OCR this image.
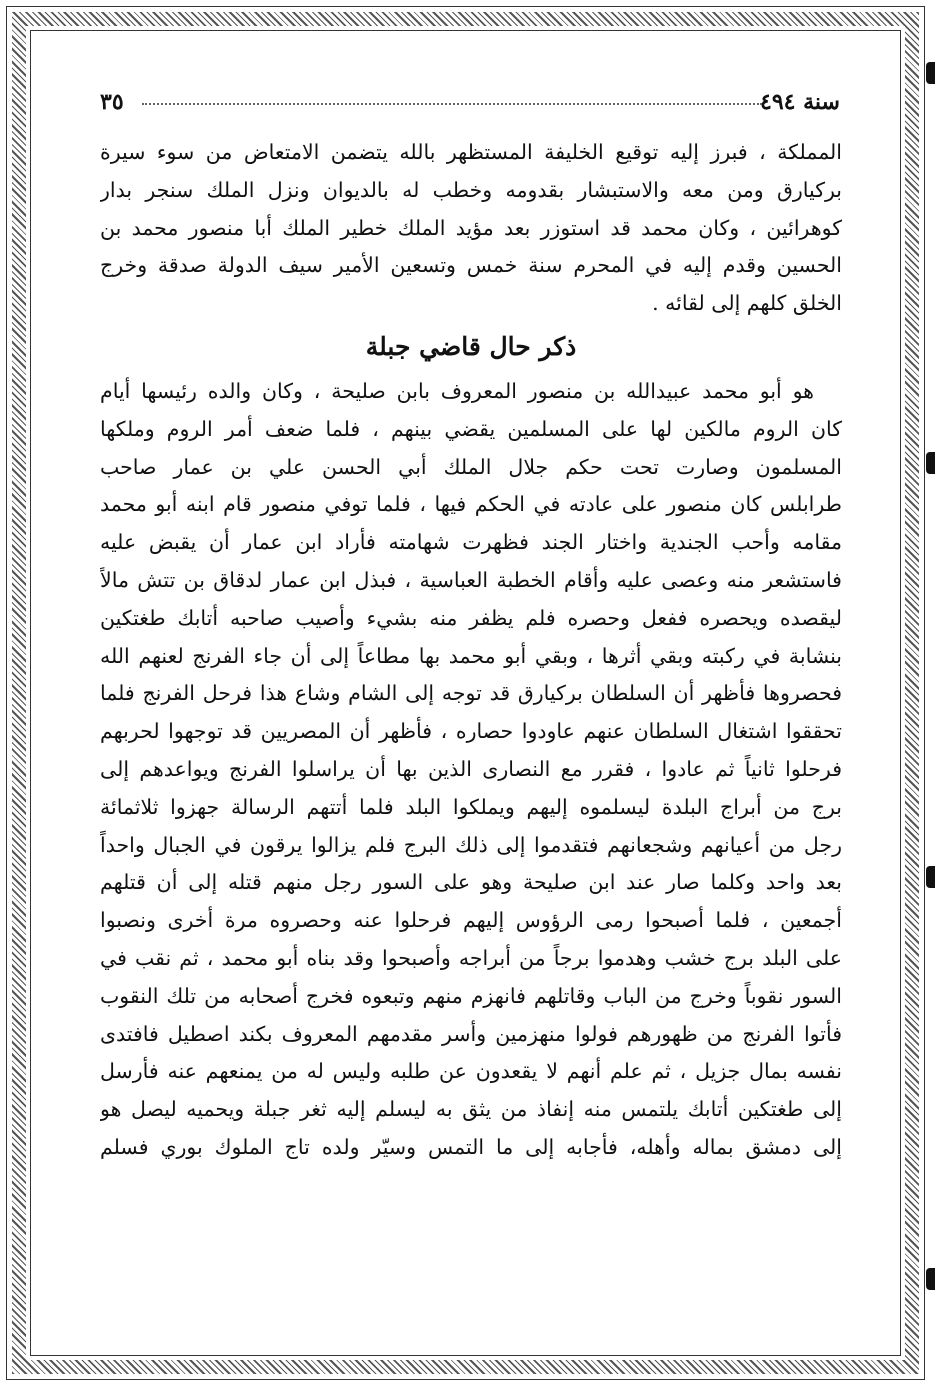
سنة ٤٩٤
٣٥
المملكة ، فبرز إليه توقيع الخليفة المستظهر بالله يتضمن الامتعاض من سوء سيرة
بركيارق ومن معه والاستبشار بقدومه وخطب له بالديوان ونزل الملك سنجر بدار
كوهرائين ، وكان محمد قد استوزر بعد مؤيد الملك خطير الملك أبا منصور محمد بن
الحسين وقدم إليه في المحرم سنة خمس وتسعين الأمير سيف الدولة صدقة وخرج
الخلق كلهم إلى لقائه .
ذكر حال قاضي جبلة
هو أبو محمد عبيدالله بن منصور المعروف بابن صليحة ، وكان والده رئيسها أيام
كان الروم مالكين لها على المسلمين يقضي بينهم ، فلما ضعف أمر الروم وملكها
المسلمون وصارت تحت حكم جلال الملك أبي الحسن علي بن عمار صاحب
طرابلس كان منصور على عادته في الحكم فيها ، فلما توفي منصور قام ابنه أبو محمد
مقامه وأحب الجندية واختار الجند فظهرت شهامته فأراد ابن عمار أن يقبض عليه
فاستشعر منه وعصى عليه وأقام الخطبة العباسية ، فبذل ابن عمار لدقاق بن تتش مالاً
ليقصده ويحصره ففعل وحصره فلم يظفر منه بشيء وأصيب صاحبه أتابك طغتكين
بنشابة في ركبته وبقي أثرها ، وبقي أبو محمد بها مطاعاً إلى أن جاء الفرنج لعنهم الله
فحصروها فأظهر أن السلطان بركيارق قد توجه إلى الشام وشاع هذا فرحل الفرنج فلما
تحققوا اشتغال السلطان عنهم عاودوا حصاره ، فأظهر أن المصريين قد توجهوا لحربهم
فرحلوا ثانياً ثم عادوا ، فقرر مع النصارى الذين بها أن يراسلوا الفرنج ويواعدهم إلى
برج من أبراج البلدة ليسلموه إليهم ويملكوا البلد فلما أتتهم الرسالة جهزوا ثلاثمائة
رجل من أعيانهم وشجعانهم فتقدموا إلى ذلك البرج فلم يزالوا يرقون في الجبال واحداً
بعد واحد وكلما صار عند ابن صليحة وهو على السور رجل منهم قتله إلى أن قتلهم
أجمعين ، فلما أصبحوا رمى الرؤوس إليهم فرحلوا عنه وحصروه مرة أخرى ونصبوا
على البلد برج خشب وهدموا برجاً من أبراجه وأصبحوا وقد بناه أبو محمد ، ثم نقب في
السور نقوباً وخرج من الباب وقاتلهم فانهزم منهم وتبعوه فخرج أصحابه من تلك النقوب
فأتوا الفرنج من ظهورهم فولوا منهزمين وأسر مقدمهم المعروف بكند اصطيل فافتدى
نفسه بمال جزيل ، ثم علم أنهم لا يقعدون عن طلبه وليس له من يمنعهم عنه فأرسل
إلى طغتكين أتابك يلتمس منه إنفاذ من يثق به ليسلم إليه ثغر جبلة ويحميه ليصل هو
إلى دمشق بماله وأهله، فأجابه إلى ما التمس وسيّر ولده تاج الملوك بوري فسلم
